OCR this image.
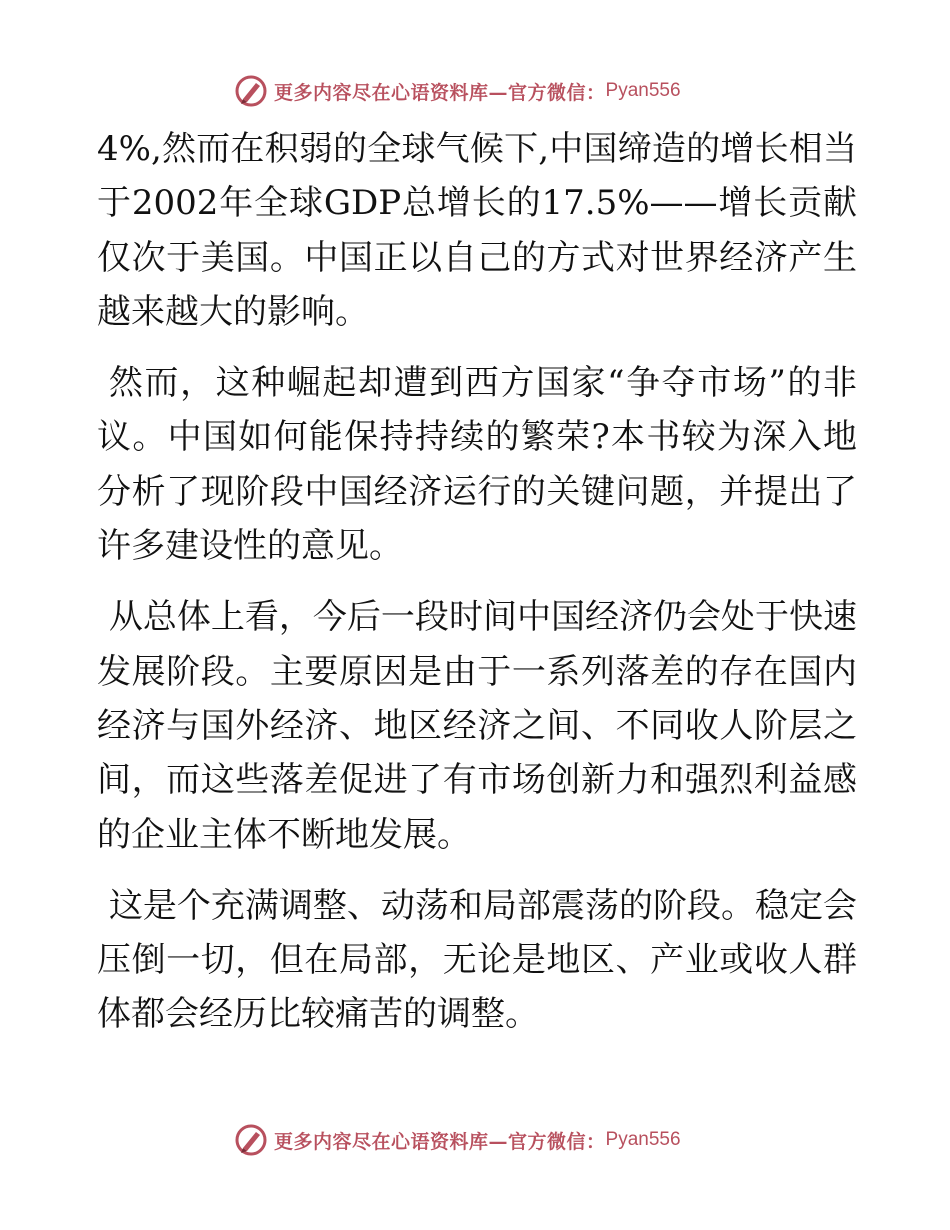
更多内容尽在心语资料库—官方微信： Pyan556

4%,然而在积弱的全球气候下,中国缔造的增长相当于2002年全球GDP总增长的17.5%——增长贡献仅次于美国。中国正以自己的方式对世界经济产生越来越大的影响。

然而，这种崛起却遭到西方国家“争夺市场”的非议。中国如何能保持持续的繁荣?本书较为深入地分析了现阶段中国经济运行的关键问题，并提出了许多建设性的意见。

从总体上看，今后一段时间中国经济仍会处于快速发展阶段。主要原因是由于一系列落差的存在国内经济与国外经济、地区经济之间、不同收人阶层之间，而这些落差促进了有市场创新力和强烈利益感的企业主体不断地发展。

这是个充满调整、动荡和局部震荡的阶段。稳定会压倒一切，但在局部，无论是地区、产业或收人群体都会经历比较痛苦的调整。

更多内容尽在心语资料库—官方微信： Pyan556
